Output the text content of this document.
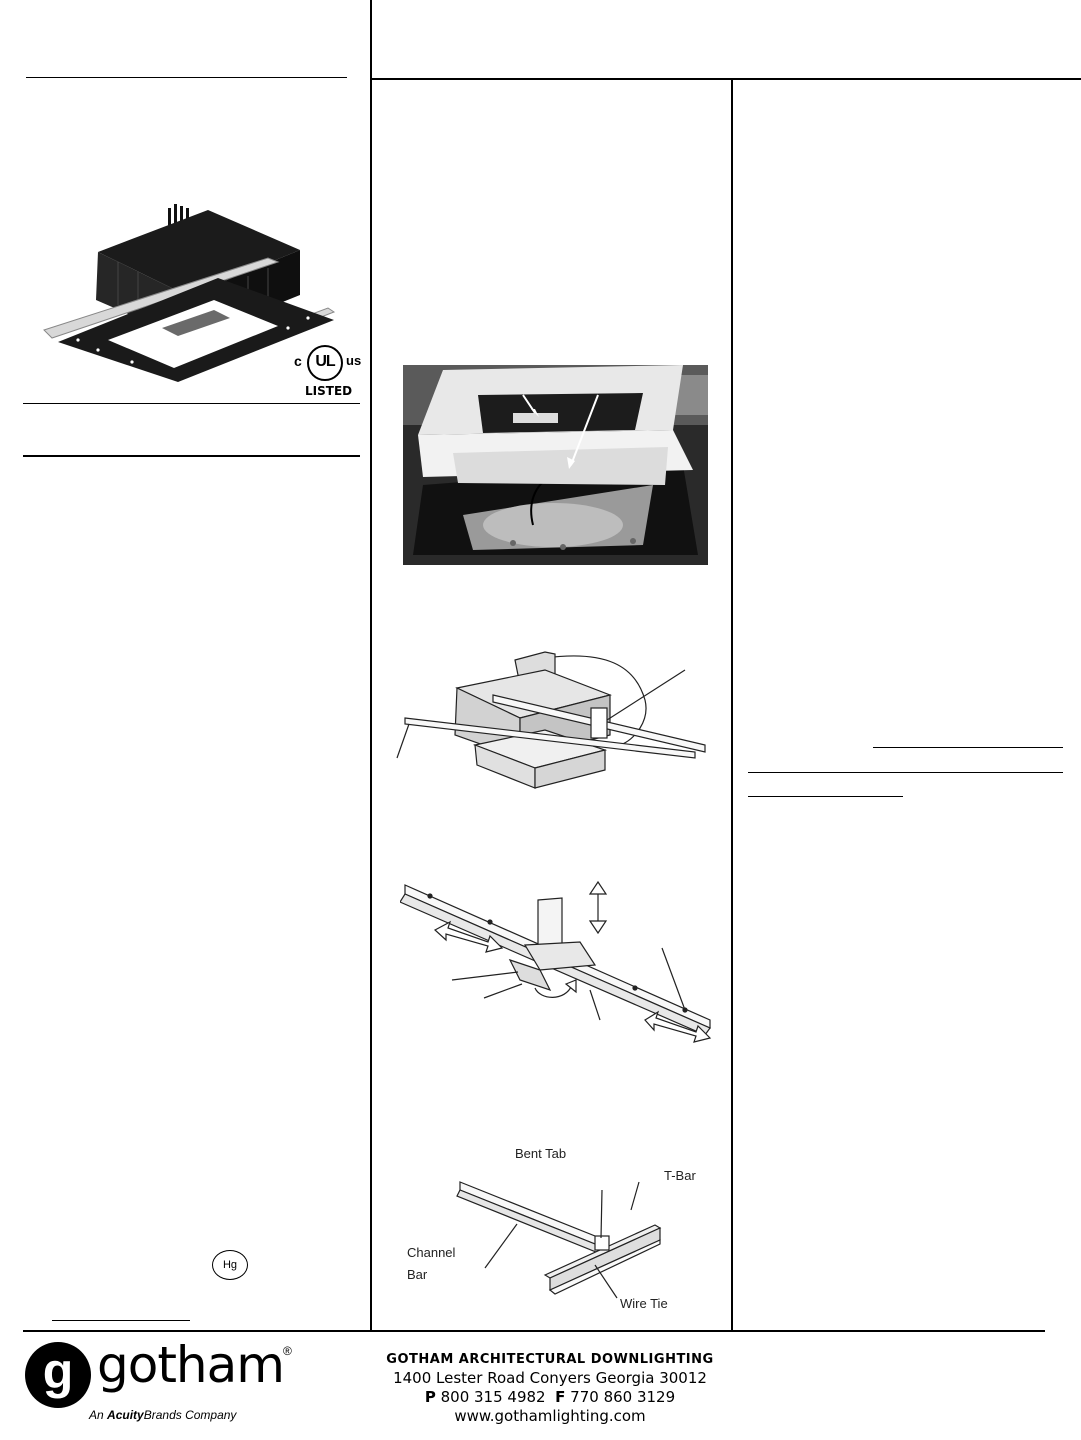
c UL us
LISTED
Hg
Bent Tab
T-Bar
Channel
Bar
Wire Tie
g gotham ®
An AcuityBrands Company
GOTHAM ARCHITECTURAL DOWNLIGHTING
1400 Lester Road Conyers Georgia 30012
P 800 315 4982 F 770 860 3129
www.gothamlighting.com
